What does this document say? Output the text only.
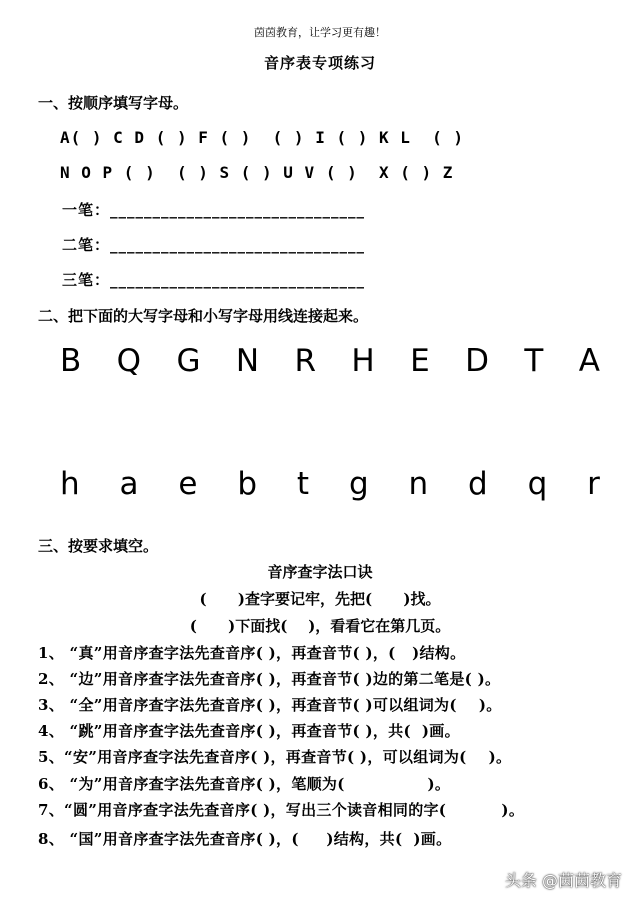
茵茵教育，让学习更有趣！
音序表专项练习
一、按顺序填写字母。
A( ) C D ( ) F ( )  ( ) I ( ) K L  ( )
N O P ( )  ( ) S ( ) U V ( )  X ( ) Z
一笔：______________________________
二笔：______________________________
三笔：______________________________
二、把下面的大写字母和小写字母用线连接起来。
B Q G N R H E D T A
h a e b t g n d q r
三、按要求填空。
音序查字法口诀
(      )查字要记牢，先把(      )找。
(      )下面找(    )，看看它在第几页。
1、 “真”用音序查字法先查音序( )，再查音节( )，(   )结构。
2、 “边”用音序查字法先查音序( )，再查音节( )边的第二笔是( )。
3、 “全”用音序查字法先查音序( )，再查音节( )可以组词为(    )。
4、 “跳”用音序查字法先查音序( )，再查音节( )，共(  )画。
5、“安”用音序查字法先查音序( )，再查音节( )，可以组词为(    )。
6、 “为”用音序查字法先查音序( )，笔顺为(               )。
7、“圆”用音序查字法先查音序( )，写出三个读音相同的字(          )。
8、 “国”用音序查字法先查音序( )，(     )结构，共(  )画。
头条 @茵茵教育
